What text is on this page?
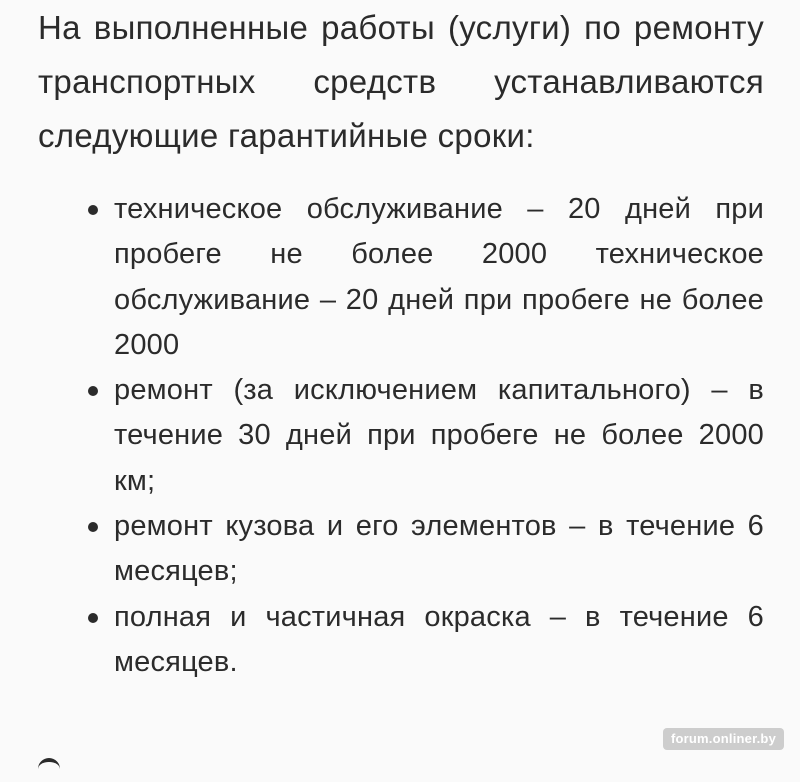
На выполненные работы (услуги) по ремонту транспортных средств устанавливаются следующие гарантийные сроки:

техническое обслуживание – 20 дней при пробеге не более 2000 техническое обслуживание – 20 дней при пробеге не более 2000
ремонт (за исключением капитального) – в течение 30 дней при пробеге не более 2000 км;
ремонт кузова и его элементов – в течение 6 месяцев;
полная и частичная окраска – в течение 6 месяцев.
forum.onliner.by
